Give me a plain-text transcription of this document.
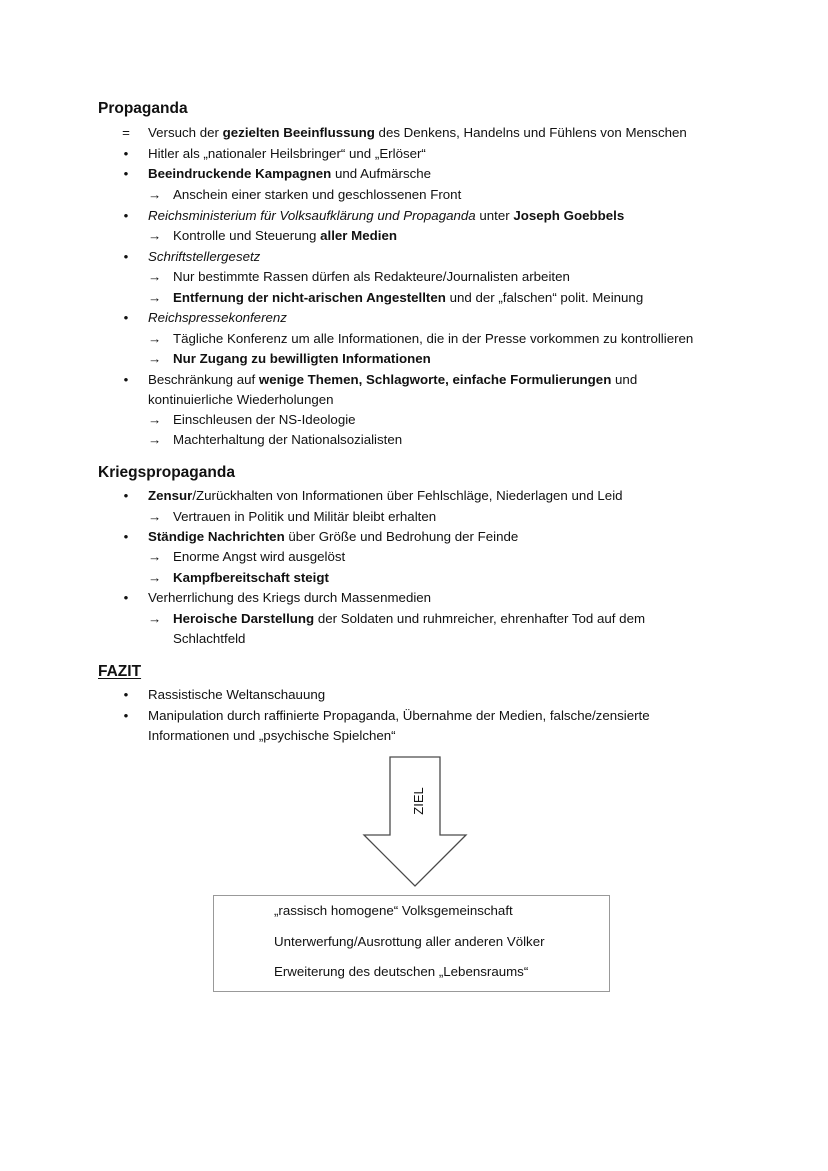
Propaganda
= Versuch der gezielten Beeinflussung des Denkens, Handelns und Fühlens von Menschen
• Hitler als „nationaler Heilsbringer“ und „Erlöser“
• Beeindruckende Kampagnen und Aufmärsche
→ Anschein einer starken und geschlossenen Front
• Reichsministerium für Volksaufklärung und Propaganda unter Joseph Goebbels
→ Kontrolle und Steuerung aller Medien
• Schriftstellergesetz
→ Nur bestimmte Rassen dürfen als Redakteure/Journalisten arbeiten
→ Entfernung der nicht-arischen Angestellten und der „falschen“ polit. Meinung
• Reichspressekonferenz
→ Tägliche Konferenz um alle Informationen, die in der Presse vorkommen zu kontrollieren
→ Nur Zugang zu bewilligten Informationen
• Beschränkung auf wenige Themen, Schlagworte, einfache Formulierungen und
kontinuierliche Wiederholungen
→ Einschleusen der NS-Ideologie
→ Machterhaltung der Nationalsozialisten
Kriegspropaganda
• Zensur/Zurückhalten von Informationen über Fehlschläge, Niederlagen und Leid
→ Vertrauen in Politik und Militär bleibt erhalten
• Ständige Nachrichten über Größe und Bedrohung der Feinde
→ Enorme Angst wird ausgelöst
→ Kampfbereitschaft steigt
• Verherrlichung des Kriegs durch Massenmedien
→ Heroische Darstellung der Soldaten und ruhmreicher, ehrenhafter Tod auf dem
Schlachtfeld
FAZIT
• Rassistische Weltanschauung
• Manipulation durch raffinierte Propaganda, Übernahme der Medien, falsche/zensierte
Informationen und „psychische Spielchen“
ZIEL
„rassisch homogene“ Volksgemeinschaft
Unterwerfung/Ausrottung aller anderen Völker
Erweiterung des deutschen „Lebensraums“
